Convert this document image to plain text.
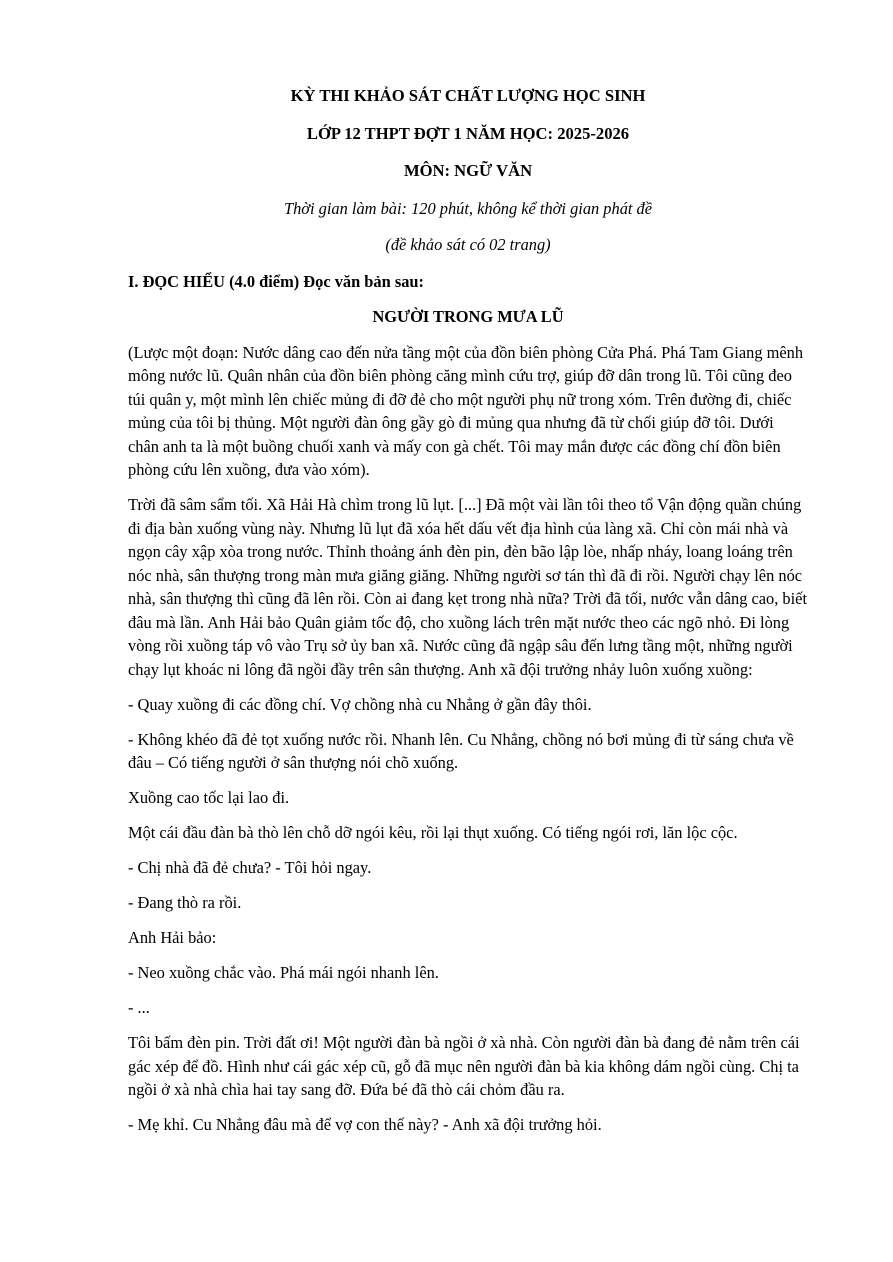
KỲ THI KHẢO SÁT CHẤT LƯỢNG HỌC SINH
LỚP 12 THPT ĐỢT 1 NĂM HỌC: 2025-2026
MÔN: NGỮ VĂN
Thời gian làm bài: 120 phút, không kể thời gian phát đề
(đề khảo sát có 02 trang)
I. ĐỌC HIỂU (4.0 điểm) Đọc văn bản sau:
NGƯỜI TRONG MƯA LŨ

(Lược một đoạn: Nước dâng cao đến nửa tầng một của đồn biên phòng Cửa Phá. Phá Tam Giang mênh mông nước lũ. Quân nhân của đồn biên phòng căng mình cứu trợ, giúp đỡ dân trong lũ. Tôi cũng đeo túi quân y, một mình lên chiếc mủng đi đỡ đẻ cho một người phụ nữ trong xóm. Trên đường đi, chiếc mủng của tôi bị thủng. Một người đàn ông gầy gò đi mủng qua nhưng đã từ chối giúp đỡ tôi. Dưới chân anh ta là một buồng chuối xanh và mấy con gà chết. Tôi may mắn được các đồng chí đồn biên phòng cứu lên xuồng, đưa vào xóm).

Trời đã sâm sẩm tối. Xã Hải Hà chìm trong lũ lụt. [...] Đã một vài lần tôi theo tổ Vận động quần chúng đi địa bàn xuống vùng này. Nhưng lũ lụt đã xóa hết dấu vết địa hình của làng xã. Chỉ còn mái nhà và ngọn cây xập xòa trong nước. Thỉnh thoảng ánh đèn pin, đèn bão lập lòe, nhấp nháy, loang loáng trên nóc nhà, sân thượng trong màn mưa giăng giăng. Những người sơ tán thì đã đi rồi. Người chạy lên nóc nhà, sân thượng thì cũng đã lên rồi. Còn ai đang kẹt trong nhà nữa? Trời đã tối, nước vẫn dâng cao, biết đâu mà lần. Anh Hải bảo Quân giảm tốc độ, cho xuồng lách trên mặt nước theo các ngõ nhỏ. Đi lòng vòng rồi xuồng táp vô vào Trụ sở ủy ban xã. Nước cũng đã ngập sâu đến lưng tầng một, những người chạy lụt khoác ni lông đã ngồi đầy trên sân thượng. Anh xã đội trưởng nhảy luôn xuống xuồng:

- Quay xuồng đi các đồng chí. Vợ chồng nhà cu Nhẳng ở gần đây thôi.

- Không khéo đã đẻ tọt xuống nước rồi. Nhanh lên. Cu Nhẳng, chồng nó bơi mủng đi từ sáng chưa về đâu – Có tiếng người ở sân thượng nói chõ xuống.

Xuồng cao tốc lại lao đi.

Một cái đầu đàn bà thò lên chỗ dỡ ngói kêu, rồi lại thụt xuống. Có tiếng ngói rơi, lăn lộc cộc.

- Chị nhà đã đẻ chưa? - Tôi hỏi ngay.

- Đang thò ra rồi.

Anh Hải bảo:

- Neo xuồng chắc vào. Phá mái ngói nhanh lên.

- ...

Tôi bấm đèn pin. Trời đất ơi! Một người đàn bà ngồi ở xà nhà. Còn người đàn bà đang đẻ nằm trên cái gác xép để đồ. Hình như cái gác xép cũ, gỗ đã mục nên người đàn bà kia không dám ngồi cùng. Chị ta ngồi ở xà nhà chìa hai tay sang đỡ. Đứa bé đã thò cái chỏm đầu ra.

- Mẹ khỉ. Cu Nhẳng đâu mà để vợ con thế này? - Anh xã đội trưởng hỏi.
